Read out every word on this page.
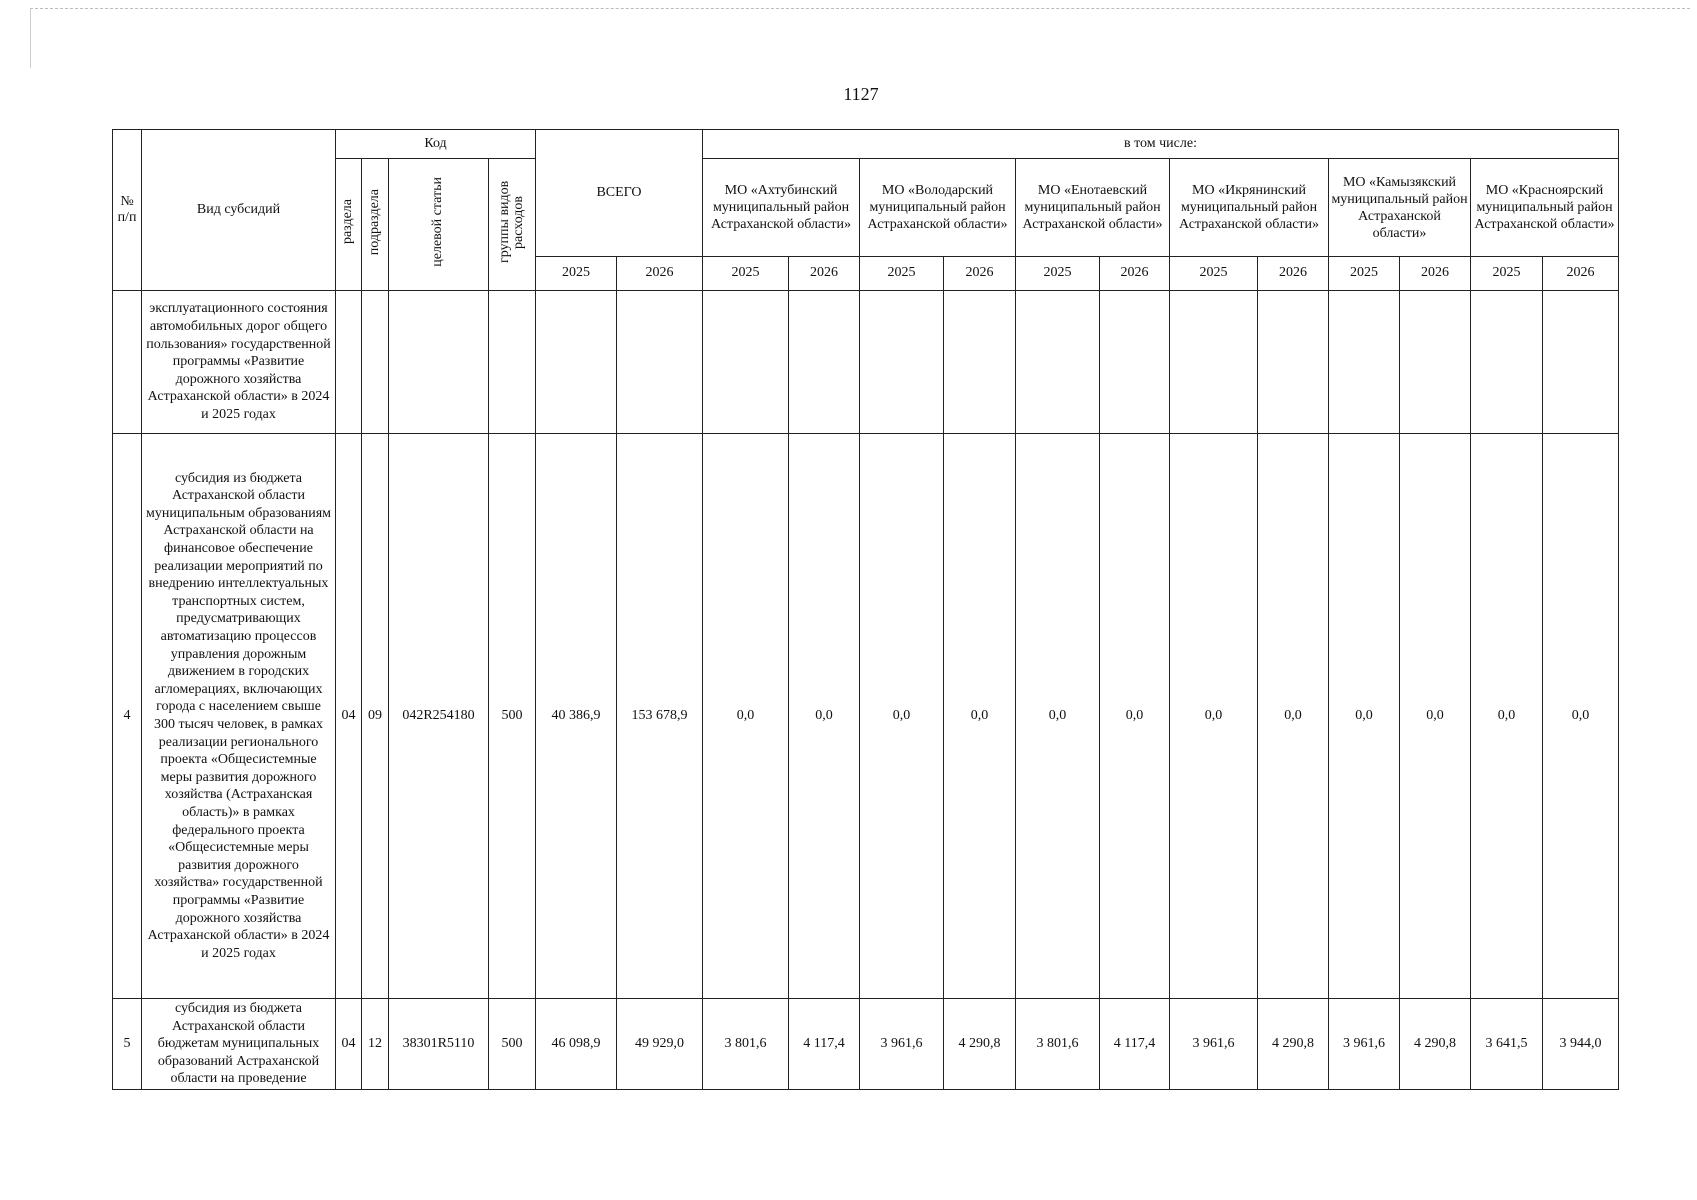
1127
№ п/п	Вид субсидий	Код				ВСЕГО		в том числе:											
		раздела	подраздела	целевой статьи	группы видов расходов			МО «Ахтубинский муниципальный район Астраханской области»		МО «Володарский муниципальный район Астраханской области»		МО «Енотаевский муниципальный район Астраханской области»		МО «Икрянинский муниципальный район Астраханской области»		МО «Камызякский муниципальный район Астраханской области»		МО «Красноярский муниципальный район Астраханской области»	
						2025	2026	2025	2026	2025	2026	2025	2026	2025	2026	2025	2026	2025	2026
	эксплуатационного состояния автомобильных дорог общего пользования» государственной программы «Развитие дорожного хозяйства Астраханской области» в 2024 и 2025 годах																		
4	субсидия из бюджета Астраханской области муниципальным образованиям Астраханской области на финансовое обеспечение реализации мероприятий по внедрению интеллектуальных транспортных систем, предусматривающих автоматизацию процессов управления дорожным движением в городских агломерациях, включающих города с населением свыше 300 тысяч человек, в рамках реализации регионального проекта «Общесистемные меры развития дорожного хозяйства (Астраханская область)» в рамках федерального проекта «Общесистемные меры развития дорожного хозяйства» государственной программы «Развитие дорожного хозяйства Астраханской области» в 2024 и 2025 годах	04	09	042R254180	500	40 386,9	153 678,9	0,0	0,0	0,0	0,0	0,0	0,0	0,0	0,0	0,0	0,0	0,0	0,0
5	субсидия из бюджета Астраханской области бюджетам муниципальных образований Астраханской области на проведение	04	12	38301R5110	500	46 098,9	49 929,0	3 801,6	4 117,4	3 961,6	4 290,8	3 801,6	4 117,4	3 961,6	4 290,8	3 961,6	4 290,8	3 641,5	3 944,0
